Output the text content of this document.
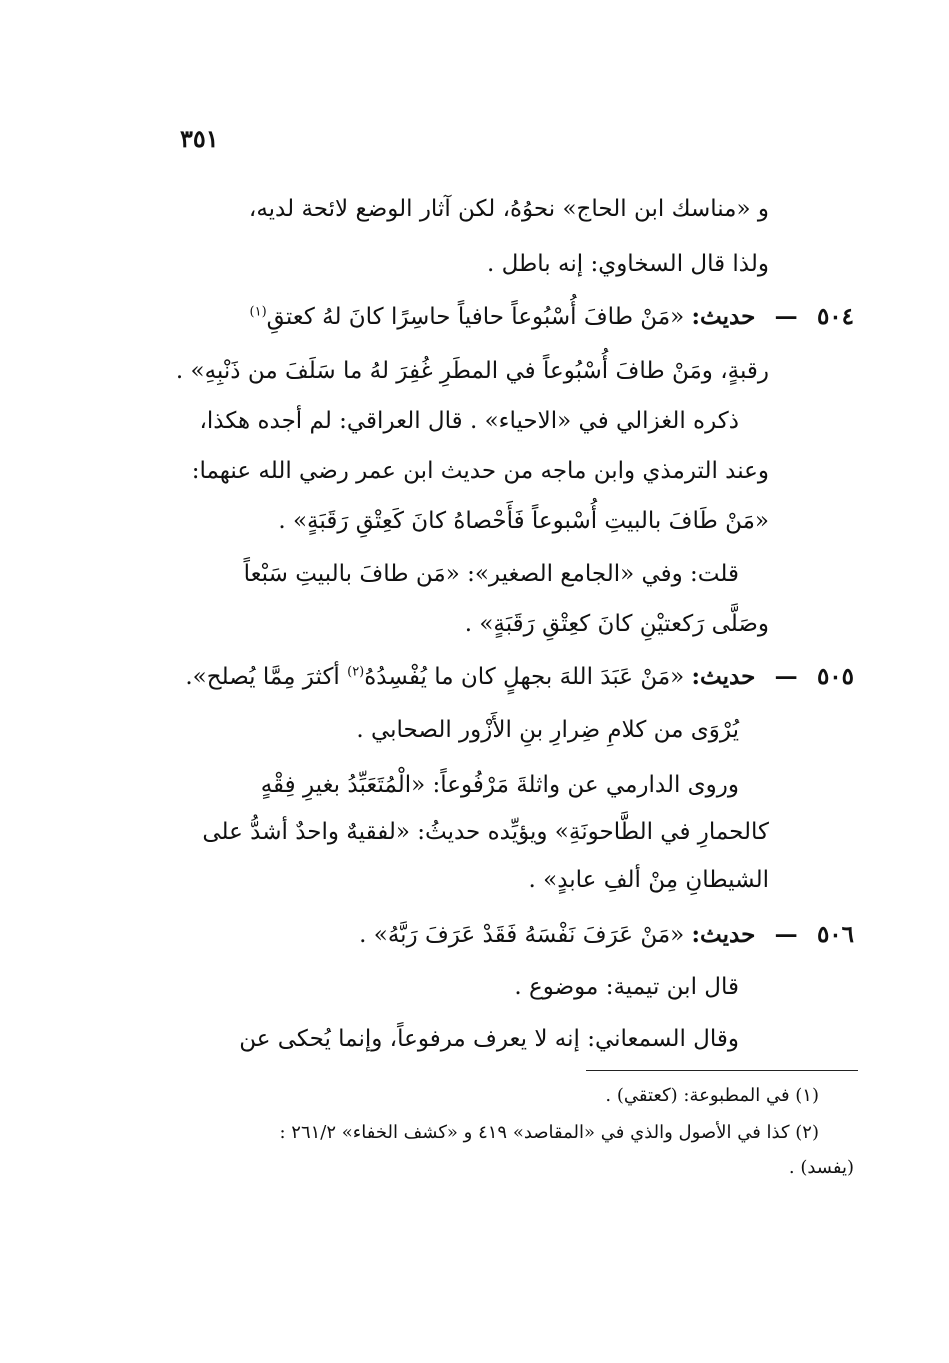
٣٥١
و «مناسك ابن الحاج» نحوُهُ، لكن آثار الوضع لائحة لديه،
ولذا قال السخاوي: إنه باطل .
٥٠٤ — حديث: «مَنْ طافَ أُسْبُوعاً حافياً حاسِرًا كانَ لهُ كعتقِ$^{(١)}$
رقبةٍ، ومَنْ طافَ أُسْبُوعاً في المطَرِ غُفِرَ لهُ ما سَلَفَ من ذَنْبِهِ» .
ذكره الغزالي في «الاحياء» . قال العراقي: لم أجده هكذا،
وعند الترمذي وابن ماجه من حديث ابن عمر رضي الله عنهما:
«مَنْ طَافَ بالبيتِ أُسْبوعاً فَأَحْصاهُ كانَ كَعِتْقِ رَقَبَةٍ» .
قلت: وفي «الجامع الصغير»: «مَن طافَ بالبيتِ سَبْعاً
وصَلَّى رَكعتيْنِ كانَ كعِتْقِ رَقَبَةٍ» .
٥٠٥ — حديث: «مَنْ عَبَدَ اللهَ بجهلٍ كان ما يُفْسِدُهُ$^{(٢)}$ أكثرَ مِمَّا يُصلح».
يُرْوَى من كلامِ ضِرارِ بنِ الأَزْور الصحابي .
وروى الدارمي عن واثلةَ مَرْفُوعاً: «الْمُتَعَبِّدُ بغيرِ فِقْهٍ
كالحمارِ في الطَّاحونَةِ» ويؤيِّده حديثُ: «لفقيهٌ واحدٌ أشدُّ على
الشيطانِ مِنْ ألفِ عابدٍ» .
٥٠٦ — حديث: «مَنْ عَرَفَ نَفْسَهُ فَقَدْ عَرَفَ رَبَّهُ» .
قال ابن تيمية: موضوع .
وقال السمعاني: إنه لا يعرف مرفوعاً، وإنما يُحكى عن
(١) في المطبوعة: (كعتقي) .
(٢) كذا في الأصول والذي في «المقاصد» ٤١٩ و «كشف الخفاء» ٢٦١/٢ :
(يفسد) .
